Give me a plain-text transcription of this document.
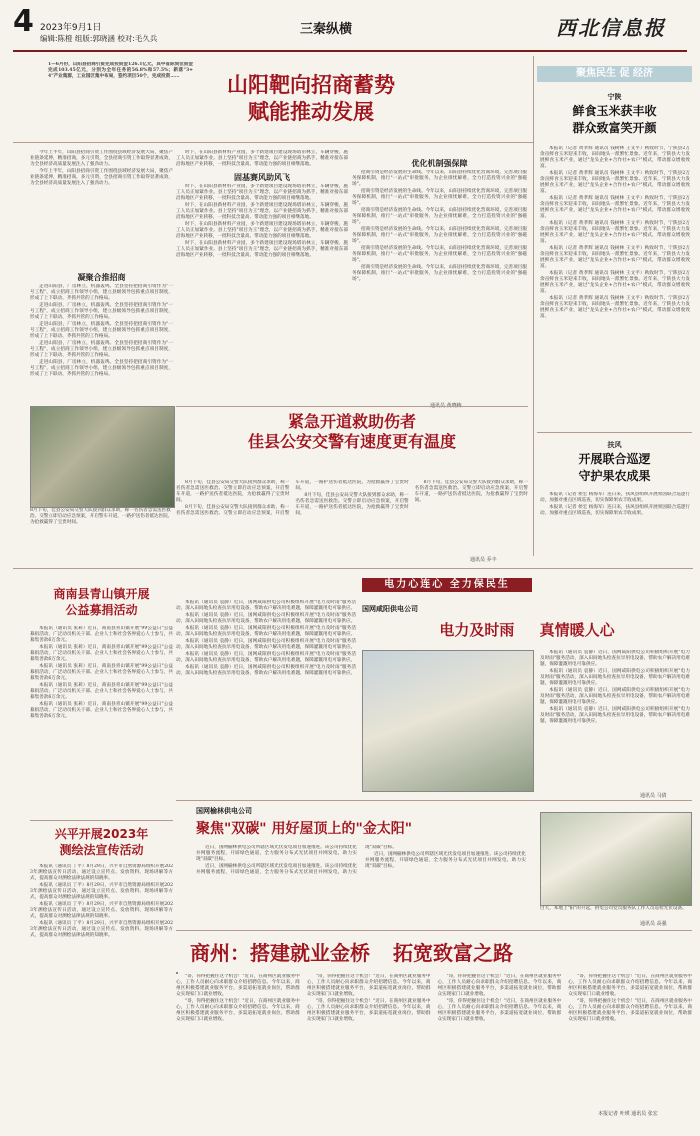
4 2023年9月1日
编辑:陈橙 组版:郭晓涵 校对:毛久兵
三秦纵横	西北信息报
1—6月份，山阳县招商引资完成投资金126.1亿元，其中省际到位资金完成103.45亿元，分别为全年任务的56.8%和57.5%；新落"3+4"产业集群，工业园区集中布局，签约项目50个，完成投资……	山阳靶向招商蓄势
赋能推动发展

今年上半年，山阳县招商引资工作围绕县域经济发展大局，聚焦产业链条延伸，精准招商，多元引资，全县招商引资工作取得显著成效，为全县经济高质量发展注入了强劲动力。

今年上半年，山阳县招商引资工作围绕县域经济发展大局，聚焦产业链条延伸，精准招商，多元引资，全县招商引资工作取得显著成效，为全县经济高质量发展注入了强劲动力。

凝聚合推招商

走进山阳县，厂房林立，机器轰鸣。全县坚持把招商引资作为"一号工程"，成立招商工作领导小组，建立县级领导包抓重点项目制度，形成了上下联动、齐抓共管的工作格局。

走进山阳县，厂房林立，机器轰鸣。全县坚持把招商引资作为"一号工程"，成立招商工作领导小组，建立县级领导包抓重点项目制度，形成了上下联动、齐抓共管的工作格局。

走进山阳县，厂房林立，机器轰鸣。全县坚持把招商引资作为"一号工程"，成立招商工作领导小组，建立县级领导包抓重点项目制度，形成了上下联动、齐抓共管的工作格局。

走进山阳县，厂房林立，机器轰鸣。全县坚持把招商引资作为"一号工程"，成立招商工作领导小组，建立县级领导包抓重点项目制度，形成了上下联动、齐抓共管的工作格局。

走进山阳县，厂房林立，机器轰鸣。全县坚持把招商引资作为"一号工程"，成立招商工作领导小组，建立县级领导包抓重点项目制度，形成了上下联动、齐抓共管的工作格局。

时下，在山阳县新材料产业园，多个新建项目建设现场塔吊林立，车辆穿梭，施工人员正加紧作业。县上坚持"项目为王"理念，以产业链招商为抓手，精准对接东部沿海地区产业转移，一批科技含量高、带动能力强的项目相继落地。

固基赛风助风飞

时下，在山阳县新材料产业园，多个新建项目建设现场塔吊林立，车辆穿梭，施工人员正加紧作业。县上坚持"项目为王"理念，以产业链招商为抓手，精准对接东部沿海地区产业转移，一批科技含量高、带动能力强的项目相继落地。

时下，在山阳县新材料产业园，多个新建项目建设现场塔吊林立，车辆穿梭，施工人员正加紧作业。县上坚持"项目为王"理念，以产业链招商为抓手，精准对接东部沿海地区产业转移，一批科技含量高、带动能力强的项目相继落地。

时下，在山阳县新材料产业园，多个新建项目建设现场塔吊林立，车辆穿梭，施工人员正加紧作业。县上坚持"项目为王"理念，以产业链招商为抓手，精准对接东部沿海地区产业转移，一批科技含量高、带动能力强的项目相继落地。

时下，在山阳县新材料产业园，多个新建项目建设现场塔吊林立，车辆穿梭，施工人员正加紧作业。县上坚持"项目为王"理念，以产业链招商为抓手，精准对接东部沿海地区产业转移，一批科技含量高、带动能力强的项目相继落地。

优化机制强保障

招商引资是经济发展的生命线。今年以来，山阳县持续优化营商环境，完善项目服务保障机制，推行"一站式"审批服务，为企业排忧解难，全力打造投资兴业的"强磁场"。

招商引资是经济发展的生命线。今年以来，山阳县持续优化营商环境，完善项目服务保障机制，推行"一站式"审批服务，为企业排忧解难，全力打造投资兴业的"强磁场"。

招商引资是经济发展的生命线。今年以来，山阳县持续优化营商环境，完善项目服务保障机制，推行"一站式"审批服务，为企业排忧解难，全力打造投资兴业的"强磁场"。

招商引资是经济发展的生命线。今年以来，山阳县持续优化营商环境，完善项目服务保障机制，推行"一站式"审批服务，为企业排忧解难，全力打造投资兴业的"强磁场"。

招商引资是经济发展的生命线。今年以来，山阳县持续优化营商环境，完善项目服务保障机制，推行"一站式"审批服务，为企业排忧解难，全力打造投资兴业的"强磁场"。

招商引资是经济发展的生命线。今年以来，山阳县持续优化营商环境，完善项目服务保障机制，推行"一站式"审批服务，为企业排忧解难，全力打造投资兴业的"强磁场"。

聚焦民生 促 经济
宁陕
鲜食玉米获丰收
群众致富笑开颜

本报讯（记者 黄孝辉 通讯员 钱树林 王文平）秋收时节，宁陕县2万余亩鲜食玉米迎来丰收，田间地头一派繁忙景象。近年来，宁陕县大力发展鲜食玉米产业，通过"龙头企业+合作社+农户"模式，带动群众增收致富。

本报讯（记者 黄孝辉 通讯员 钱树林 王文平）秋收时节，宁陕县2万余亩鲜食玉米迎来丰收，田间地头一派繁忙景象。近年来，宁陕县大力发展鲜食玉米产业，通过"龙头企业+合作社+农户"模式，带动群众增收致富。

本报讯（记者 黄孝辉 通讯员 钱树林 王文平）秋收时节，宁陕县2万余亩鲜食玉米迎来丰收，田间地头一派繁忙景象。近年来，宁陕县大力发展鲜食玉米产业，通过"龙头企业+合作社+农户"模式，带动群众增收致富。

本报讯（记者 黄孝辉 通讯员 钱树林 王文平）秋收时节，宁陕县2万余亩鲜食玉米迎来丰收，田间地头一派繁忙景象。近年来，宁陕县大力发展鲜食玉米产业，通过"龙头企业+合作社+农户"模式，带动群众增收致富。

本报讯（记者 黄孝辉 通讯员 钱树林 王文平）秋收时节，宁陕县2万余亩鲜食玉米迎来丰收，田间地头一派繁忙景象。近年来，宁陕县大力发展鲜食玉米产业，通过"龙头企业+合作社+农户"模式，带动群众增收致富。

本报讯（记者 黄孝辉 通讯员 钱树林 王文平）秋收时节，宁陕县2万余亩鲜食玉米迎来丰收，田间地头一派繁忙景象。近年来，宁陕县大力发展鲜食玉米产业，通过"龙头企业+合作社+农户"模式，带动群众增收致富。

本报讯（记者 黄孝辉 通讯员 钱树林 王文平）秋收时节，宁陕县2万余亩鲜食玉米迎来丰收，田间地头一派繁忙景象。近年来，宁陕县大力发展鲜食玉米产业，通过"龙头企业+合作社+农户"模式，带动群众增收致富。

扶风
开展联合巡逻
守护果农成果

本报讯（记者 侯宏 杨海军）连日来，扶风县组织开展果园联合巡逻行动，加强对重点区域巡查，切实保障果农丰收成果。

本报讯（记者 侯宏 杨海军）连日来，扶风县组织开展果园联合巡逻行动，加强对重点区域巡查，切实保障果农丰收成果。

8月下旬，佳县公安局交警大队接到群众求助，称一名伤者急需送医救治。交警立即启动应急预案，开启警车开道，一路护送伤者抵达医院，为抢救赢得了宝贵时间。
紧急开道救助伤者
佳县公安交警有速度更有温度

8月下旬，佳县公安局交警大队接到群众求助，称一名伤者急需送医救治。交警立即启动应急预案，开启警车开道，一路护送伤者抵达医院，为抢救赢得了宝贵时间。

8月下旬，佳县公安局交警大队接到群众求助，称一名伤者急需送医救治。交警立即启动应急预案，开启警车开道，一路护送伤者抵达医院，为抢救赢得了宝贵时间。

8月下旬，佳县公安局交警大队接到群众求助，称一名伤者急需送医救治。交警立即启动应急预案，开启警车开道，一路护送伤者抵达医院，为抢救赢得了宝贵时间。

8月下旬，佳县公安局交警大队接到群众求助，称一名伤者急需送医救治。交警立即启动应急预案，开启警车开道，一路护送伤者抵达医院，为抢救赢得了宝贵时间。

通讯员 乔丰
商南县青山镇开展
公益募捐活动

本报讯（通讯员 张莉）近日，商南县青山镇开展"99公益日"公益募捐活动，广泛动员机关干部、企业人士和社会各界爱心人士参与，共募集善款6万余元。

本报讯（通讯员 张莉）近日，商南县青山镇开展"99公益日"公益募捐活动，广泛动员机关干部、企业人士和社会各界爱心人士参与，共募集善款6万余元。

本报讯（通讯员 张莉）近日，商南县青山镇开展"99公益日"公益募捐活动，广泛动员机关干部、企业人士和社会各界爱心人士参与，共募集善款6万余元。

本报讯（通讯员 张莉）近日，商南县青山镇开展"99公益日"公益募捐活动，广泛动员机关干部、企业人士和社会各界爱心人士参与，共募集善款6万余元。

本报讯（通讯员 张莉）近日，商南县青山镇开展"99公益日"公益募捐活动，广泛动员机关干部、企业人士和社会各界爱心人士参与，共募集善款6万余元。

兴平开展2023年
测绘法宣传活动

本报讯（通讯员 丁平）8月29日，兴平市自然资源局组织开展2023年测绘法宣传日活动，通过设立宣传点、发放资料、现场讲解等方式，提高群众对测绘法律法规的知晓率。

本报讯（通讯员 丁平）8月29日，兴平市自然资源局组织开展2023年测绘法宣传日活动，通过设立宣传点、发放资料、现场讲解等方式，提高群众对测绘法律法规的知晓率。

本报讯（通讯员 丁平）8月29日，兴平市自然资源局组织开展2023年测绘法宣传日活动，通过设立宣传点、发放资料、现场讲解等方式，提高群众对测绘法律法规的知晓率。

本报讯（通讯员 丁平）8月29日，兴平市自然资源局组织开展2023年测绘法宣传日活动，通过设立宣传点、发放资料、现场讲解等方式，提高群众对测绘法律法规的知晓率。

电力心连心 全力保民生

本报讯（通讯员 袁静）近日，国网咸阳供电公司积极组织开展"电力及时雨"服务活动，深入田间地头检查抗旱用电设备，帮助农户解决用电难题，保障灌溉用电可靠供应。

本报讯（通讯员 袁静）近日，国网咸阳供电公司积极组织开展"电力及时雨"服务活动，深入田间地头检查抗旱用电设备，帮助农户解决用电难题，保障灌溉用电可靠供应。

本报讯（通讯员 袁静）近日，国网咸阳供电公司积极组织开展"电力及时雨"服务活动，深入田间地头检查抗旱用电设备，帮助农户解决用电难题，保障灌溉用电可靠供应。

本报讯（通讯员 袁静）近日，国网咸阳供电公司积极组织开展"电力及时雨"服务活动，深入田间地头检查抗旱用电设备，帮助农户解决用电难题，保障灌溉用电可靠供应。

本报讯（通讯员 袁静）近日，国网咸阳供电公司积极组织开展"电力及时雨"服务活动，深入田间地头检查抗旱用电设备，帮助农户解决用电难题，保障灌溉用电可靠供应。

本报讯（通讯员 袁静）近日，国网咸阳供电公司积极组织开展"电力及时雨"服务活动，深入田间地头检查抗旱用电设备，帮助农户解决用电难题，保障灌溉用电可靠供应。

国网咸阳供电公司
电力及时雨 真情暖人心

本报讯（通讯员 袁静）近日，国网咸阳供电公司积极组织开展"电力及时雨"服务活动，深入田间地头检查抗旱用电设备，帮助农户解决用电难题，保障灌溉用电可靠供应。

本报讯（通讯员 袁静）近日，国网咸阳供电公司积极组织开展"电力及时雨"服务活动，深入田间地头检查抗旱用电设备，帮助农户解决用电难题，保障灌溉用电可靠供应。

本报讯（通讯员 袁静）近日，国网咸阳供电公司积极组织开展"电力及时雨"服务活动，深入田间地头检查抗旱用电设备，帮助农户解决用电难题，保障灌溉用电可靠供应。

本报讯（通讯员 袁静）近日，国网咸阳供电公司积极组织开展"电力及时雨"服务活动，深入田间地头检查抗旱用电设备，帮助农户解决用电难题，保障灌溉用电可靠供应。

通讯员 马倩
国网榆林供电公司
聚焦"双碳" 用好屋顶上的"金太阳"

近日，国网榆林供电公司所辖区域光伏发电项目加速推进。该公司持续优化并网服务流程，开辟绿色通道，全力服务分布式光伏项目并网发电，助力实现"双碳"目标。

近日，国网榆林供电公司所辖区域光伏发电项目加速推进。该公司持续优化并网服务流程，开辟绿色通道，全力服务分布式光伏项目并网发电，助力实现"双碳"目标。

近日，国网榆林供电公司所辖区域光伏发电项目加速推进。该公司持续优化并网服务流程，开辟绿色通道，全力服务分布式光伏项目并网发电，助力实现"双碳"目标。

白天，本地上"阳"的升起，供电公司党员服务队工作人员巡检光伏设备。
通讯员 高强
商州：搭建就业金桥 拓宽致富之路

"哥，你得把握住这个机会！"近日，在商州区就业服务中心，工作人员耐心向求职群众介绍招聘信息。今年以来，商州区积极搭建就业服务平台，多渠道拓宽就业岗位，帮助群众实现家门口就业增收。

"哥，你得把握住这个机会！"近日，在商州区就业服务中心，工作人员耐心向求职群众介绍招聘信息。今年以来，商州区积极搭建就业服务平台，多渠道拓宽就业岗位，帮助群众实现家门口就业增收。

"哥，你得把握住这个机会！"近日，在商州区就业服务中心，工作人员耐心向求职群众介绍招聘信息。今年以来，商州区积极搭建就业服务平台，多渠道拓宽就业岗位，帮助群众实现家门口就业增收。

"哥，你得把握住这个机会！"近日，在商州区就业服务中心，工作人员耐心向求职群众介绍招聘信息。今年以来，商州区积极搭建就业服务平台，多渠道拓宽就业岗位，帮助群众实现家门口就业增收。

"哥，你得把握住这个机会！"近日，在商州区就业服务中心，工作人员耐心向求职群众介绍招聘信息。今年以来，商州区积极搭建就业服务平台，多渠道拓宽就业岗位，帮助群众实现家门口就业增收。

"哥，你得把握住这个机会！"近日，在商州区就业服务中心，工作人员耐心向求职群众介绍招聘信息。今年以来，商州区积极搭建就业服务平台，多渠道拓宽就业岗位，帮助群众实现家门口就业增收。

"哥，你得把握住这个机会！"近日，在商州区就业服务中心，工作人员耐心向求职群众介绍招聘信息。今年以来，商州区积极搭建就业服务平台，多渠道拓宽就业岗位，帮助群众实现家门口就业增收。

"哥，你得把握住这个机会！"近日，在商州区就业服务中心，工作人员耐心向求职群众介绍招聘信息。今年以来，商州区积极搭建就业服务平台，多渠道拓宽就业岗位，帮助群众实现家门口就业增收。

本报记者 叶瑛 通讯员 张宏
